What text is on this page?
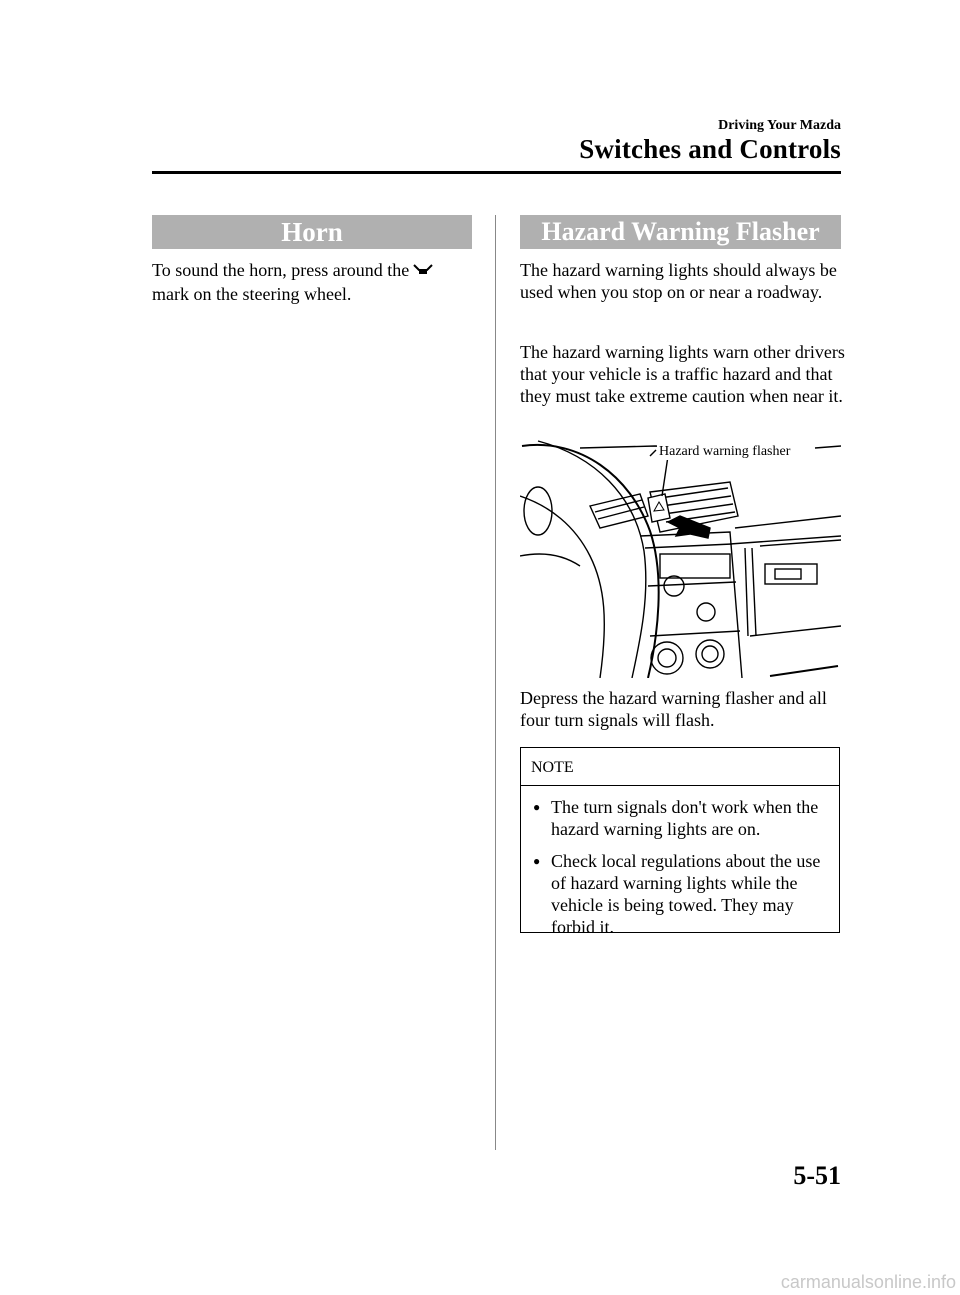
Driving Your Mazda
Switches and Controls
Horn
To sound the horn, press around the
mark on the steering wheel.
Hazard Warning Flasher
The hazard warning lights should always be used when you stop on or near a roadway.
The hazard warning lights warn other drivers that your vehicle is a traffic hazard and that they must take extreme caution when near it.
Hazard warning flasher
Depress the hazard warning flasher and all four turn signals will flash.
NOTE
● The turn signals don't work when the hazard warning lights are on.
● Check local regulations about the use of hazard warning lights while the vehicle is being towed. They may forbid it.
5-51
carmanualsonline.info
